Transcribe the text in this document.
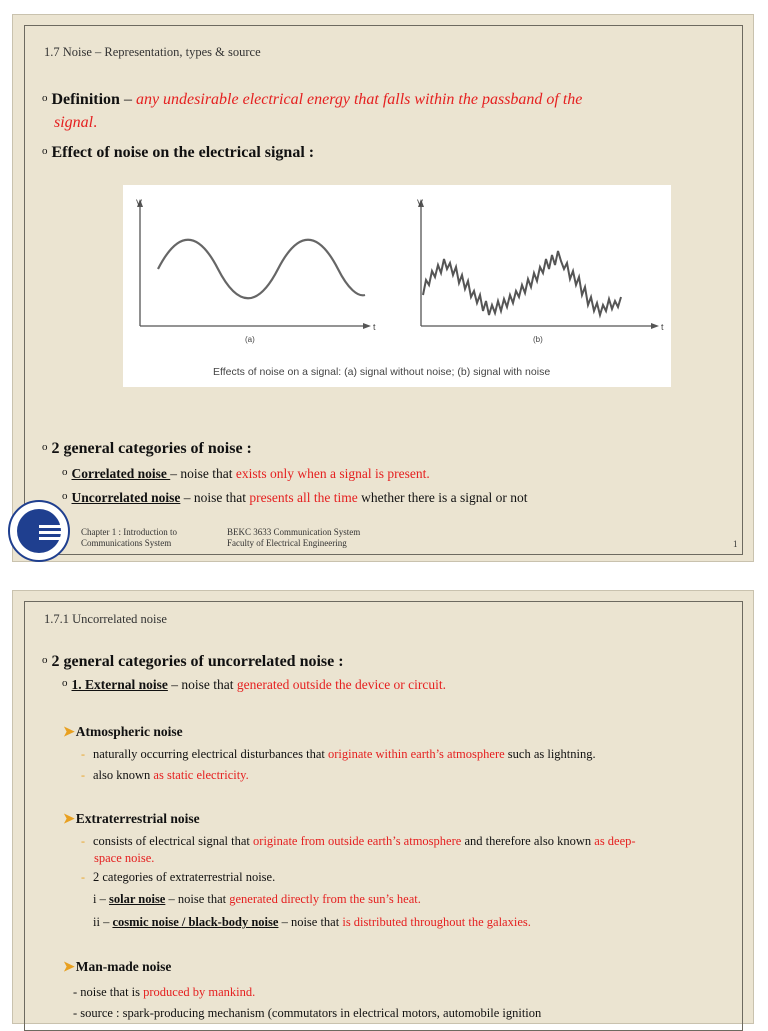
1.7 Noise – Representation, types & source
o Definition – any undesirable electrical energy that falls within the passband of the
signal.
o Effect of noise on the electrical signal :
V
t
(a)
V
t
(b)
Effects of noise on a signal: (a) signal without noise; (b) signal with noise
o 2 general categories of noise :
$^o$ Correlated noise – noise that exists only when a signal is present.
$^o$ Uncorrelated noise – noise that presents all the time whether there is a signal or not
Chapter 1 : Introduction to
Communications System
BEKC 3633 Communication System
Faculty of Electrical Engineering	1
1.7.1 Uncorrelated noise
o 2 general categories of uncorrelated noise :
$^o$ 1. External noise – noise that generated outside the device or circuit.
➤Atmospheric noise
- naturally occurring electrical disturbances that originate within earth’s atmosphere such as lightning.
- also known as static electricity.
➤Extraterrestrial noise
- consists of electrical signal that originate from outside earth’s atmosphere and therefore also known as deep-
space noise.
- 2 categories of extraterrestrial noise.
i – solar noise – noise that generated directly from the sun’s heat.
ii – cosmic noise / black-body noise – noise that is distributed throughout the galaxies.
➤Man-made noise
- noise that is produced by mankind.
- source : spark-producing mechanism (commutators in electrical motors, automobile ignition
